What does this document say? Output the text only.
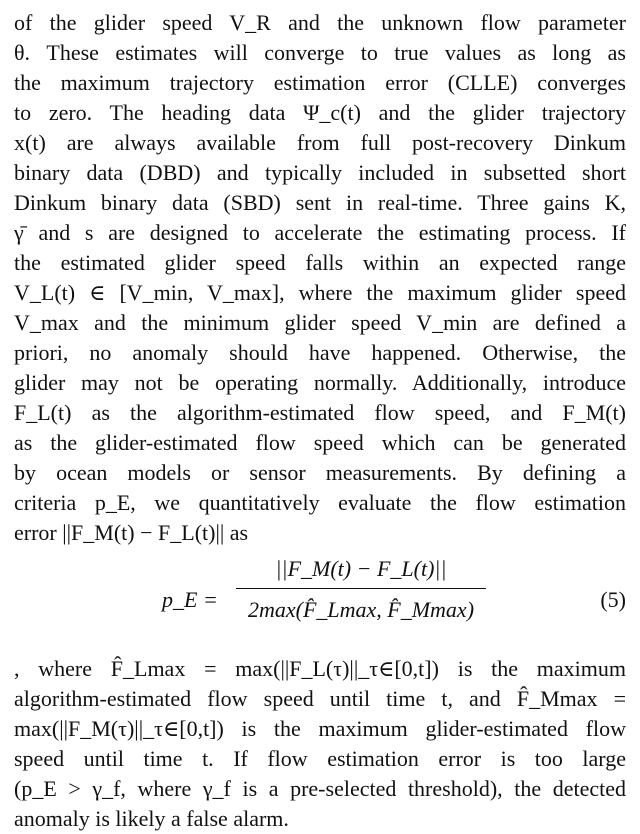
of the glider speed V_R and the unknown flow parameter
θ. These estimates will converge to true values as long as
the maximum trajectory estimation error (CLLE) converges
to zero. The heading data Ψ_c(t) and the glider trajectory
x(t) are always available from full post-recovery Dinkum
binary data (DBD) and typically included in subsetted short
Dinkum binary data (SBD) sent in real-time. Three gains K,
γ̄ and s are designed to accelerate the estimating process. If
the estimated glider speed falls within an expected range
V_L(t) ∈ [V_min, V_max], where the maximum glider speed
V_max and the minimum glider speed V_min are defined a
priori, no anomaly should have happened. Otherwise, the
glider may not be operating normally. Additionally, introduce
F_L(t) as the algorithm-estimated flow speed, and F_M(t)
as the glider-estimated flow speed which can be generated
by ocean models or sensor measurements. By defining a
criteria p_E, we quantitatively evaluate the flow estimation
error ||F_M(t) − F_L(t)|| as
p_E =
||F_M(t) − F_L(t)||
2max(F̂_Lmax, F̂_Mmax)	(5)
, where F̂_Lmax = max(||F_L(τ)||_τ∈[0,t]) is the maximum
algorithm-estimated flow speed until time t, and F̂_Mmax =
max(||F_M(τ)||_τ∈[0,t]) is the maximum glider-estimated flow
speed until time t. If flow estimation error is too large
(p_E > γ_f, where γ_f is a pre-selected threshold), the detected
anomaly is likely a false alarm.
